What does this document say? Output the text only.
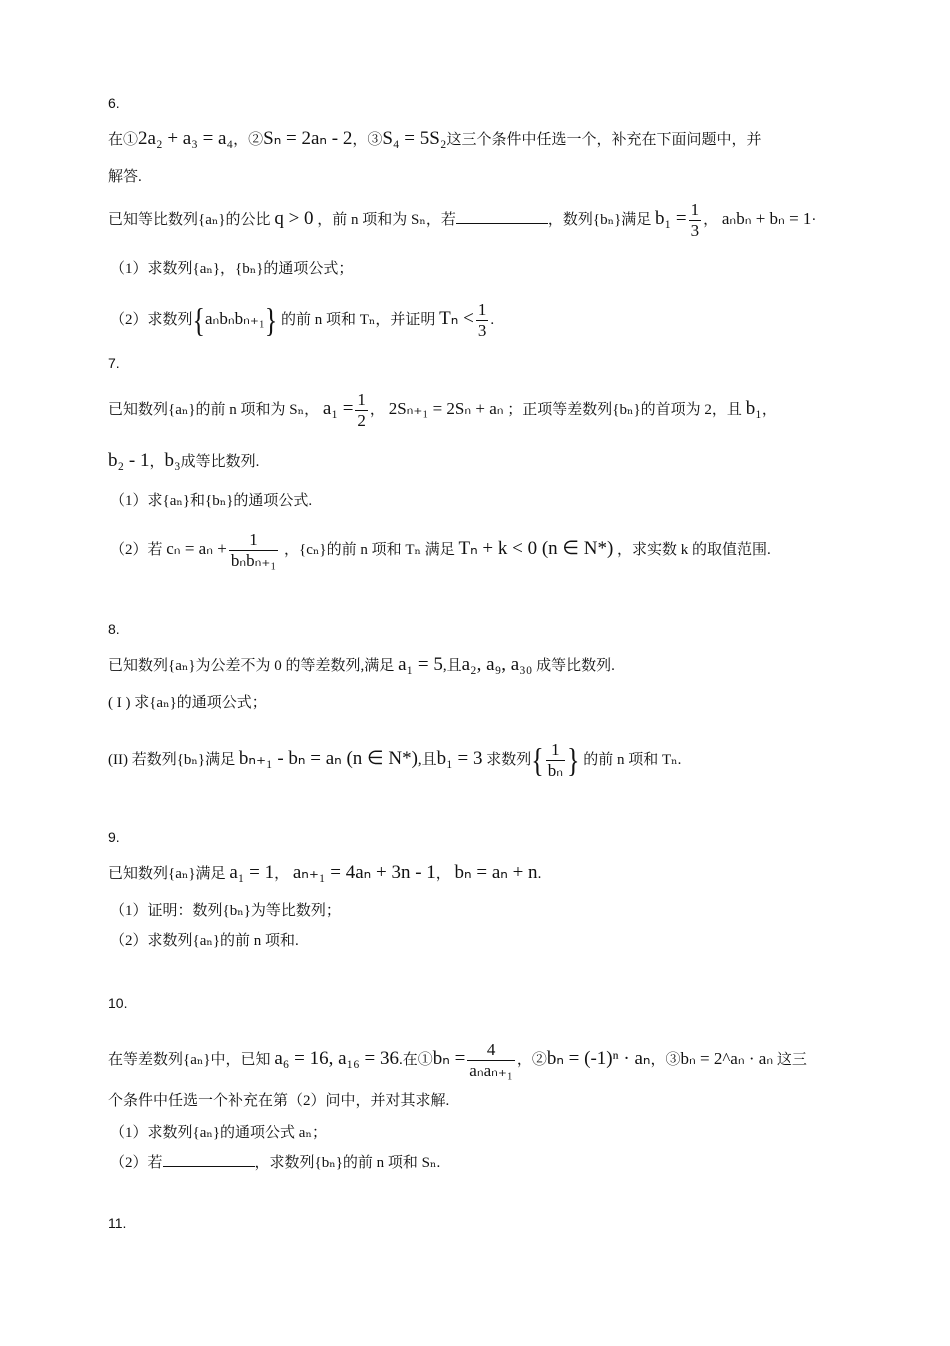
6.
在①2a₂ + a₃ = a₄，②Sₙ = 2aₙ - 2，③S₄ = 5S₂这三个条件中任选一个，补充在下面问题中，并
解答.
已知等比数列{aₙ}的公比 q > 0 ，前 n 项和为 Sₙ，若	，数列{bₙ}满足 $b_1 = \frac{1}{3}$ ， aₙbₙ + bₙ = 1·
（1）求数列{aₙ}，{bₙ}的通项公式；
（2）求数列{aₙbₙbₙ₊₁} 的前 n 项和 Tₙ，并证明 $T_n < \frac{1}{3}$ .
7.
已知数列{aₙ}的前 n 项和为 Sₙ， $a_1 = \frac{1}{2}$ ， 2Sₙ₊₁ = 2Sₙ + aₙ ；正项等差数列{bₙ}的首项为 2，且 b₁，
b₂ - 1，b₃成等比数列.
（1）求{aₙ}和{bₙ}的通项公式.
（2）若 $c_n = a_n + \frac{1}{\text{bₙbₙ₊₁}}$ ，{cₙ}的前 n 项和 Tₙ 满足 Tₙ + k < 0 (n ∈ N*) ，求实数 k 的取值范围.
8.
已知数列{aₙ}为公差不为 0 的等差数列,满足 a₁ = 5,且a₂, a₉, a₃₀ 成等比数列.
( I ) 求{aₙ}的通项公式；
(II) 若数列{bₙ}满足 bₙ₊₁ - bₙ = aₙ (n ∈ N*),且b₁ = 3 求数列{ $\frac{1}{\text{bₙ}}$ } 的前 n 项和 Tₙ.
9.
已知数列{aₙ}满足 a₁ = 1， aₙ₊₁ = 4aₙ + 3n - 1， bₙ = aₙ + n.
（1）证明：数列{bₙ}为等比数列；
（2）求数列{aₙ}的前 n 项和.
10.
在等差数列{aₙ}中，已知 a₆ = 16, a₁₆ = 36.在①bₙ = $\frac{4}{\text{aₙaₙ₊₁}}$ ，②bₙ = (-1)ⁿ · aₙ，③bₙ = 2^aₙ · aₙ 这三
个条件中任选一个补充在第（2）问中，并对其求解.
（1）求数列{aₙ}的通项公式 aₙ；
（2）若	，求数列{bₙ}的前 n 项和 Sₙ.
11.
